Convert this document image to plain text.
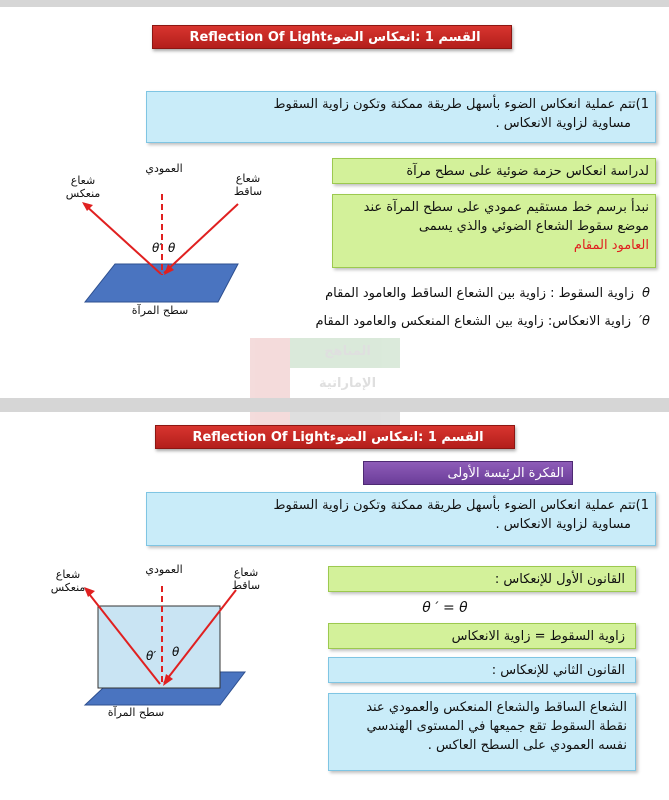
القسم 1 :انعكاس الضوء
Reflection Of Light
1)تتم عملية انعكاس الضوء بأسهل طريقة ممكنة وتكون زاوية السقوط
مساوية لزاوية الانعكاس .
لدراسة انعكاس حزمة ضوئية على سطح مرآة
نبدأ برسم خط مستقيم عمودي على سطح المرآة عند موضع سقوط الشعاع الضوئي والذي يسمى
العامود المقام
θزاوية السقوط : زاوية بين الشعاع الساقط والعامود المقام
θ′زاوية الانعكاس: زاوية بين الشعاع المنعكس والعامود المقام
θ′ θ
العمودي
شعاع
منعكس
شعاع
ساقط
سطح المرآة
المناهج
الإماراتية
القسم 1 :انعكاس الضوء
Reflection Of Light
الفكرة الرئيسة الأولى
1)تتم عملية انعكاس الضوء بأسهل طريقة ممكنة وتكون زاوية السقوط
مساوية لزاوية الانعكاس .
القانون الأول للإنعكاس :
θ ′ = θ
زاوية السقوط = زاوية الانعكاس
القانون الثاني للإنعكاس :
الشعاع الساقط والشعاع المنعكس والعمودي عند نقطة السقوط تقع جميعها في المستوى الهندسي نفسه العمودي على السطح العاكس .
θ′ θ
العمودي
شعاع
منعكس
شعاع
ساقط
سطح المرآة
